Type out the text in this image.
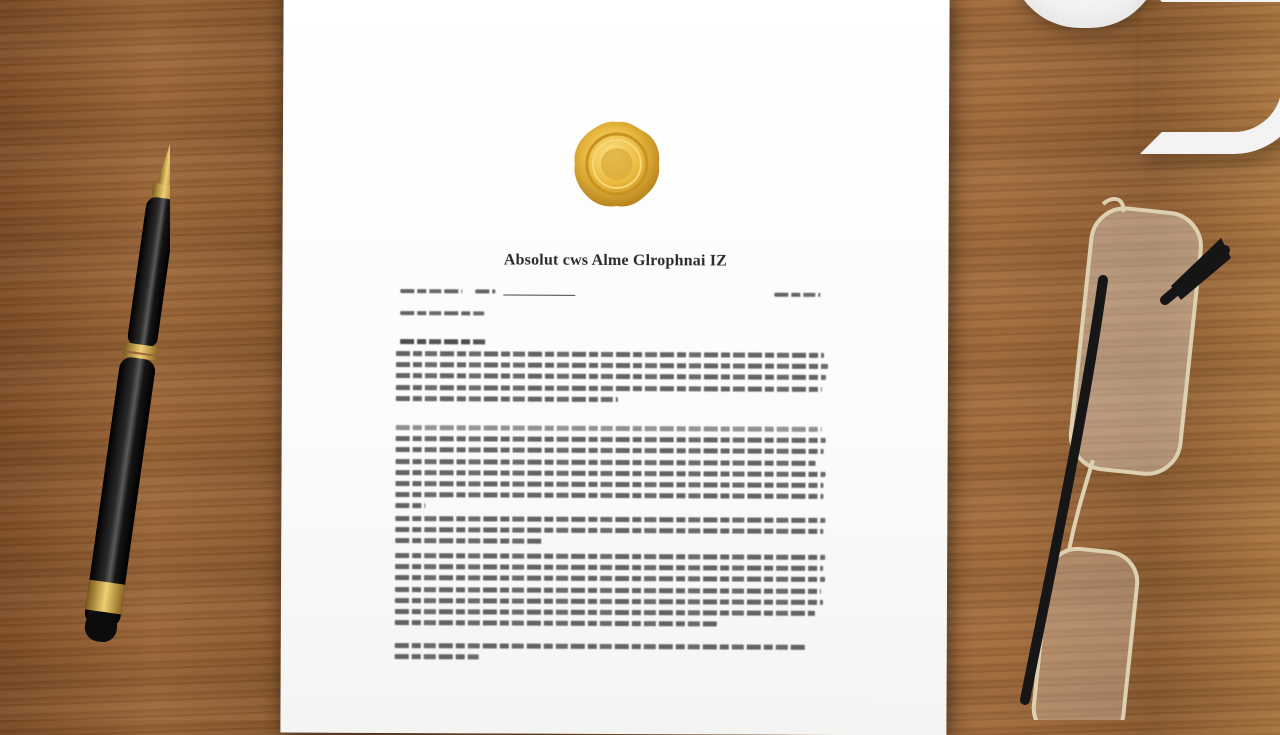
Absolut cws Alme Glrophnai IZ
